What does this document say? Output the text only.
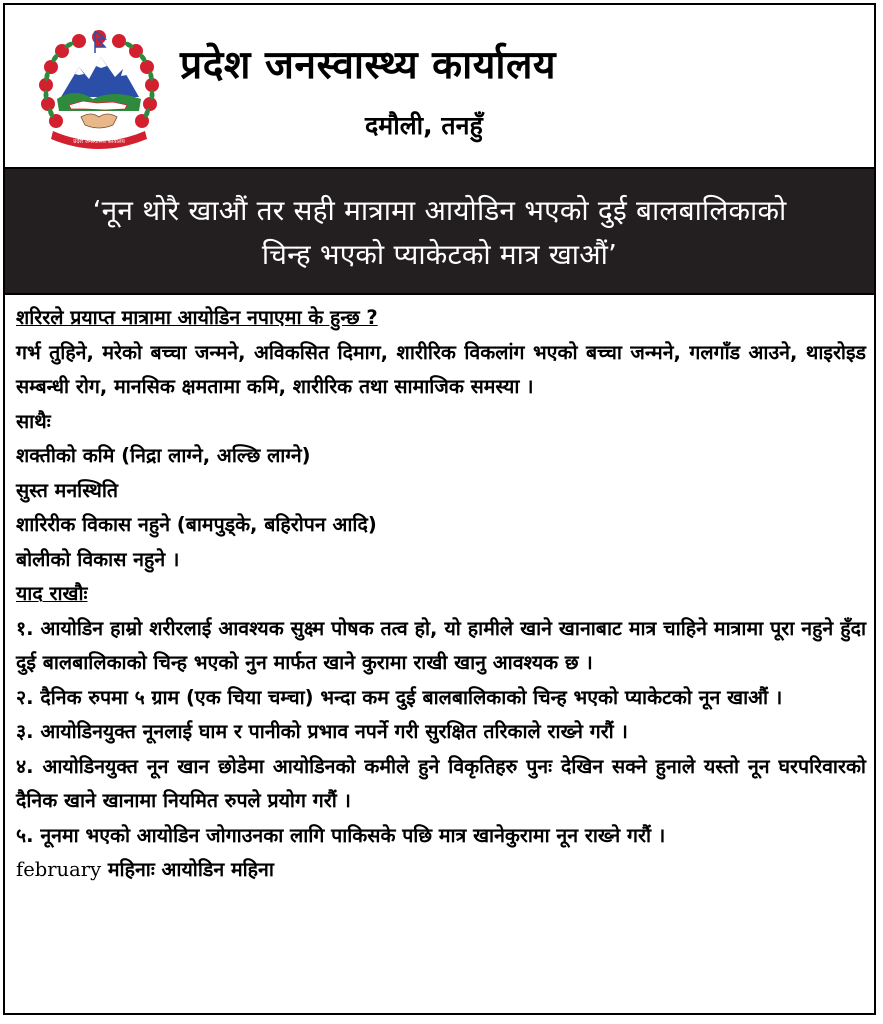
प्रदेश जनस्वास्थ्य कार्यालय
प्रदेश जनस्वास्थ्य कार्यालय
दमौली, तनहुँ
‘नून थोरै खाऔं तर सही मात्रामा आयोडिन भएको दुई बालबालिकाको
चिन्ह भएको प्याकेटको मात्र खाऔं’

शरिरले प्रयाप्त मात्रामा आयोडिन नपाएमा के हुन्छ ?

गर्भ तुहिने, मरेको बच्चा जन्मने, अविकसित दिमाग, शारीरिक विकलांग भएको बच्चा जन्मने, गलगाँड आउने, थाइरोइड सम्बन्धी रोग, मानसिक क्षमतामा कमि, शारीरिक तथा सामाजिक समस्या ।

साथैः

शक्तीको कमि (निद्रा लाग्ने, अल्छि लाग्ने)

सुस्त मनस्थिति

शारिरीक विकास नहुने (बामपुड्के, बहिरोपन आदि)

बोलीको विकास नहुने ।

याद राखौः

१. आयोडिन हाम्रो शरीरलाई आवश्यक सुक्ष्म पोषक तत्व हो, यो हामीले खाने खानाबाट मात्र चाहिने मात्रामा पूरा नहुने हुँदा दुई बालबालिकाको चिन्ह भएको नुन मार्फत खाने कुरामा राखी खानु आवश्यक छ ।

२. दैनिक रुपमा ५ ग्राम (एक चिया चम्चा) भन्दा कम दुई बालबालिकाको चिन्ह भएको प्याकेटको नून खाऔं ।

३. आयोडिनयुक्त नूनलाई घाम र पानीको प्रभाव नपर्ने गरी सुरक्षित तरिकाले राख्ने गरौं ।

४. आयोडिनयुक्त नून खान छोडेमा आयोडिनको कमीले हुने विकृतिहरु पुनः देखिन सक्ने हुनाले यस्तो नून घरपरिवारको दैनिक खाने खानामा नियमित रुपले प्रयोग गरौं ।

५. नूनमा भएको आयोडिन जोगाउनका लागि पाकिसके पछि मात्र खानेकुरामा नून राख्ने गरौं ।

february महिनाः आयोडिन महिना
